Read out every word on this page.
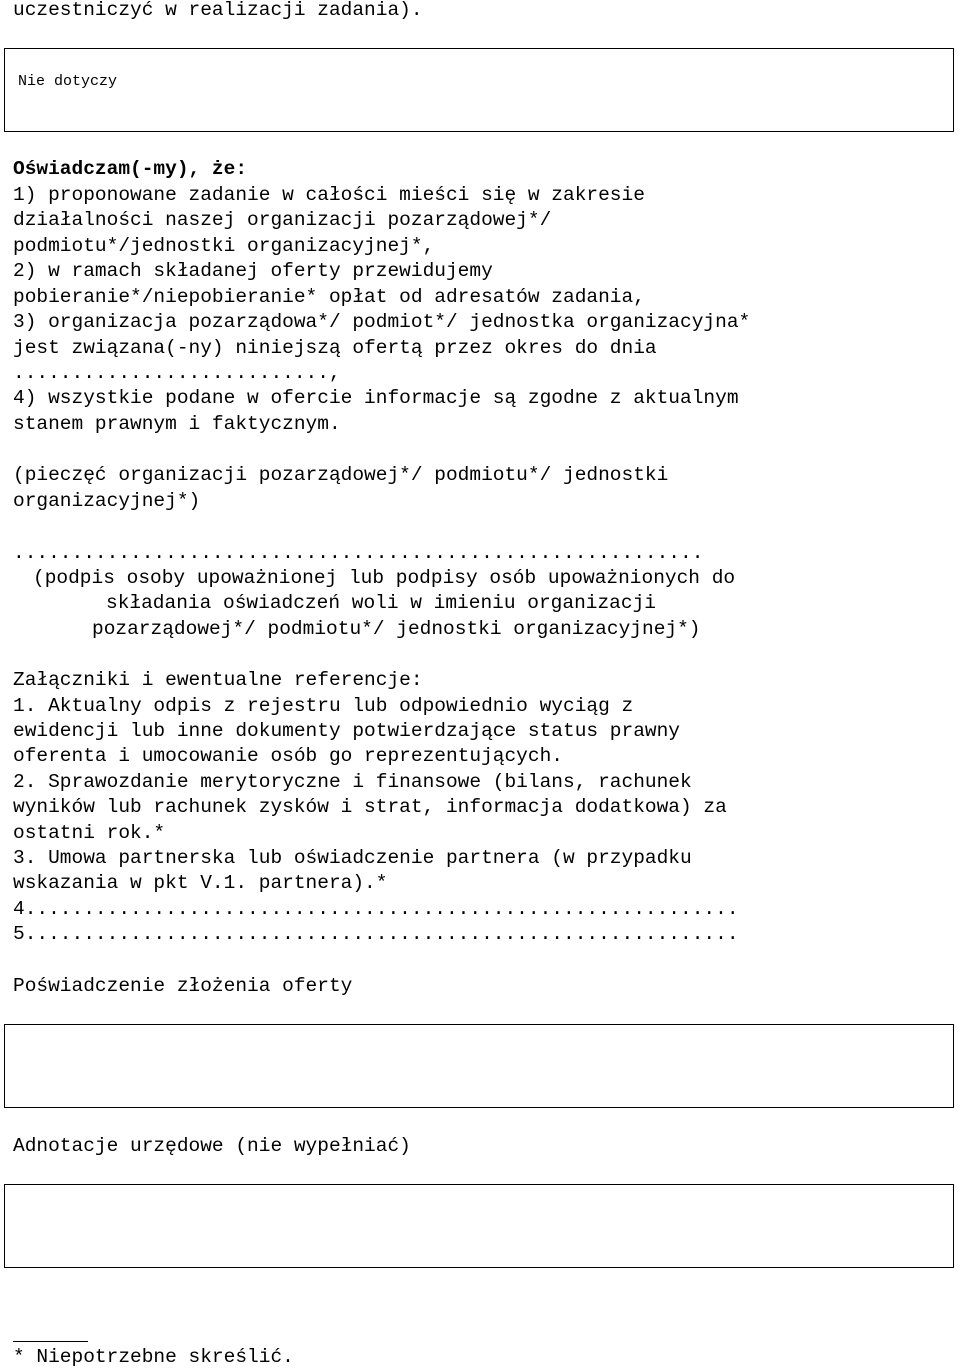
uczestniczyć w realizacji zadania).
Nie dotyczy
Oświadczam(-my), że:
1) proponowane zadanie w całości mieści się w zakresie
działalności naszej organizacji pozarządowej*/
podmiotu*/jednostki organizacyjnej*,
2) w ramach składanej oferty przewidujemy
pobieranie*/niepobieranie* opłat od adresatów zadania,
3) organizacja pozarządowa*/ podmiot*/ jednostka organizacyjna*
jest związana(-ny) niniejszą ofertą przez okres do dnia
...........................,
4) wszystkie podane w ofercie informacje są zgodne z aktualnym
stanem prawnym i faktycznym.
(pieczęć organizacji pozarządowej*/ podmiotu*/ jednostki
organizacyjnej*)
...........................................................
(podpis osoby upoważnionej lub podpisy osób upoważnionych do
składania oświadczeń woli w imieniu organizacji
pozarządowej*/ podmiotu*/ jednostki organizacyjnej*)
Załączniki i ewentualne referencje:
1. Aktualny odpis z rejestru lub odpowiednio wyciąg z
ewidencji lub inne dokumenty potwierdzające status prawny
oferenta i umocowanie osób go reprezentujących.
2. Sprawozdanie merytoryczne i finansowe (bilans, rachunek
wyników lub rachunek zysków i strat, informacja dodatkowa) za
ostatni rok.*
3. Umowa partnerska lub oświadczenie partnera (w przypadku
wskazania w pkt V.1. partnera).*
4.............................................................
5.............................................................
Poświadczenie złożenia oferty
Adnotacje urzędowe (nie wypełniać)
* Niepotrzebne skreślić.
